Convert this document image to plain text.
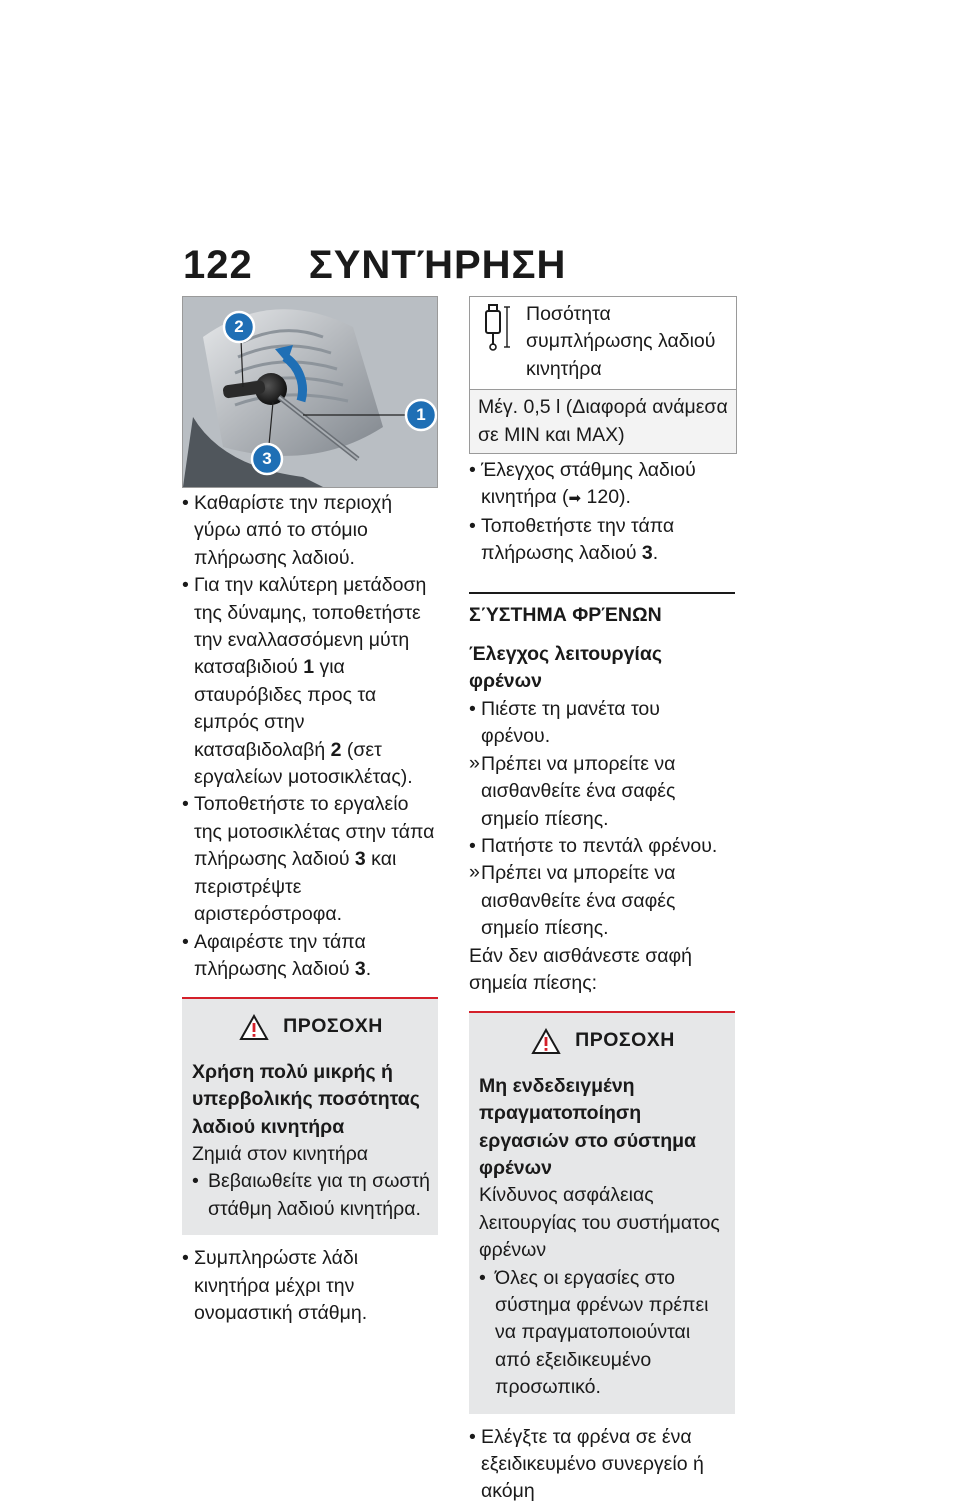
122 ΣΥΝΤΉΡΗΣΗ
2
3
1
• Καθαρίστε την περιοχή γύρω από το στόμιο πλήρωσης λαδιού.
• Για την καλύτερη μετάδοση της δύναμης, τοποθετήστε την εναλλασσόμενη μύτη κατσαβιδιού 1 για σταυρόβιδες προς τα εμπρός στην κατσαβιδολαβή 2 (σετ εργαλείων μοτοσικλέτας).
• Τοποθετήστε το εργαλείο της μοτοσικλέτας στην τάπα πλήρωσης λαδιού 3 και περιστρέψτε αριστερόστροφα.
• Αφαιρέστε την τάπα πλήρωσης λαδιού 3.
ΠΡΟΣΟΧΗ
Χρήση πολύ μικρής ή υπερβολικής ποσότητας λαδιού κινητήρα
Ζημιά στον κινητήρα
• Βεβαιωθείτε για τη σωστή στάθμη λαδιού κινητήρα.
• Συμπληρώστε λάδι κινητήρα μέχρι την ονομαστική στάθμη.
Ποσότητα συμπλήρωσης λαδιού κινητήρα
Μέγ. 0,5 l (Διαφορά ανάμεσα σε MIN και MAX)
• Έλεγχος στάθμης λαδιού κινητήρα (➡ 120).
• Τοποθετήστε την τάπα πλήρωσης λαδιού 3.
ΣΎΣΤΗΜΑ ΦΡΈΝΩΝ
Έλεγχος λειτουργίας φρένων
• Πιέστε τη μανέτα του φρένου.
» Πρέπει να μπορείτε να αισθανθείτε ένα σαφές σημείο πίεσης.
• Πατήστε το πεντάλ φρένου.
» Πρέπει να μπορείτε να αισθανθείτε ένα σαφές σημείο πίεσης.
Εάν δεν αισθάνεστε σαφή σημεία πίεσης:
ΠΡΟΣΟΧΗ
Μη ενδεδειγμένη πραγματοποίηση εργασιών στο σύστημα φρένων
Κίνδυνος ασφάλειας λειτουργίας του συστήματος φρένων
• Όλες οι εργασίες στο σύστημα φρένων πρέπει να πραγματοποιούνται από εξειδικευμένο προσωπικό.
• Ελέγξτε τα φρένα σε ένα εξειδικευμένο συνεργείο ή ακόμη
